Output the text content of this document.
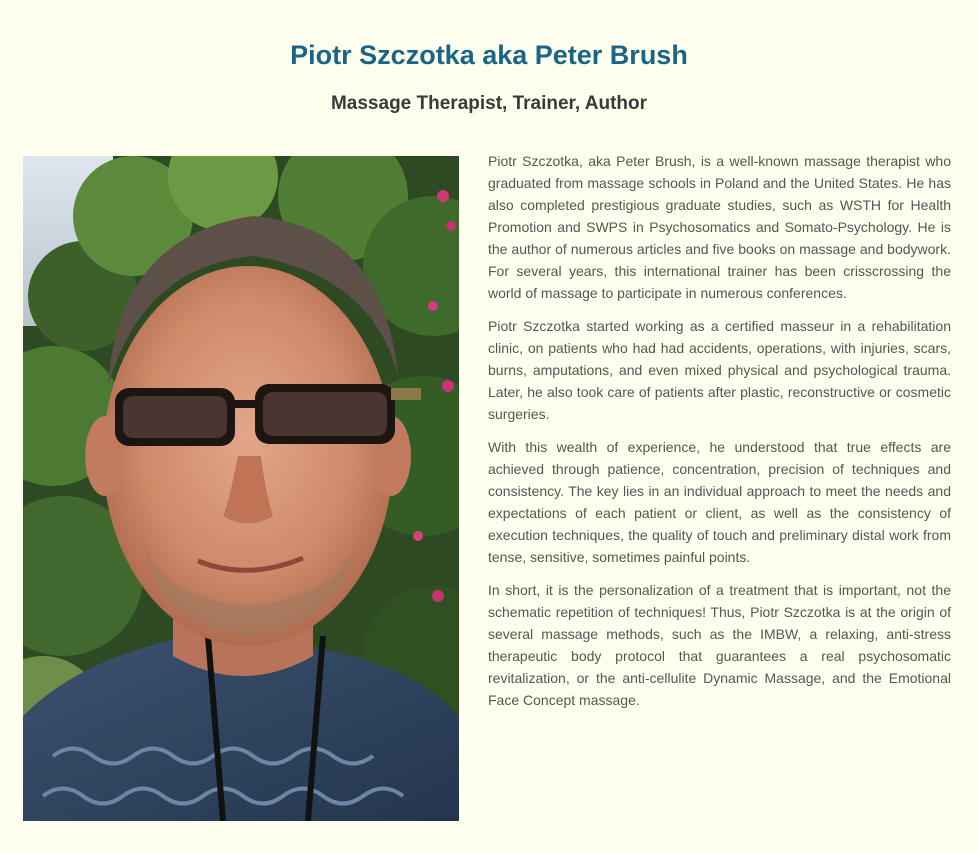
Piotr Szczotka aka Peter Brush
Massage Therapist, Trainer, Author

Piotr Szczotka, aka Peter Brush, is a well-known massage therapist who graduated from massage schools in Poland and the United States. He has also completed prestigious graduate studies, such as WSTH for Health Promotion and SWPS in Psychosomatics and Somato-Psychology. He is the author of numerous articles and five books on massage and bodywork. For several years, this international trainer has been crisscrossing the world of massage to participate in numerous conferences.

Piotr Szczotka started working as a certified masseur in a rehabilitation clinic, on patients who had had accidents, operations, with injuries, scars, burns, amputations, and even mixed physical and psychological trauma. Later, he also took care of patients after plastic, reconstructive or cosmetic surgeries.

With this wealth of experience, he understood that true effects are achieved through patience, concentration, precision of techniques and consistency. The key lies in an individual approach to meet the needs and expectations of each patient or client, as well as the consistency of execution techniques, the quality of touch and preliminary distal work from tense, sensitive, sometimes painful points.

In short, it is the personalization of a treatment that is important, not the schematic repetition of techniques! Thus, Piotr Szczotka is at the origin of several massage methods, such as the IMBW, a relaxing, anti-stress therapeutic body protocol that guarantees a real psychosomatic revitalization, or the anti-cellulite Dynamic Massage, and the Emotional Face Concept massage.
